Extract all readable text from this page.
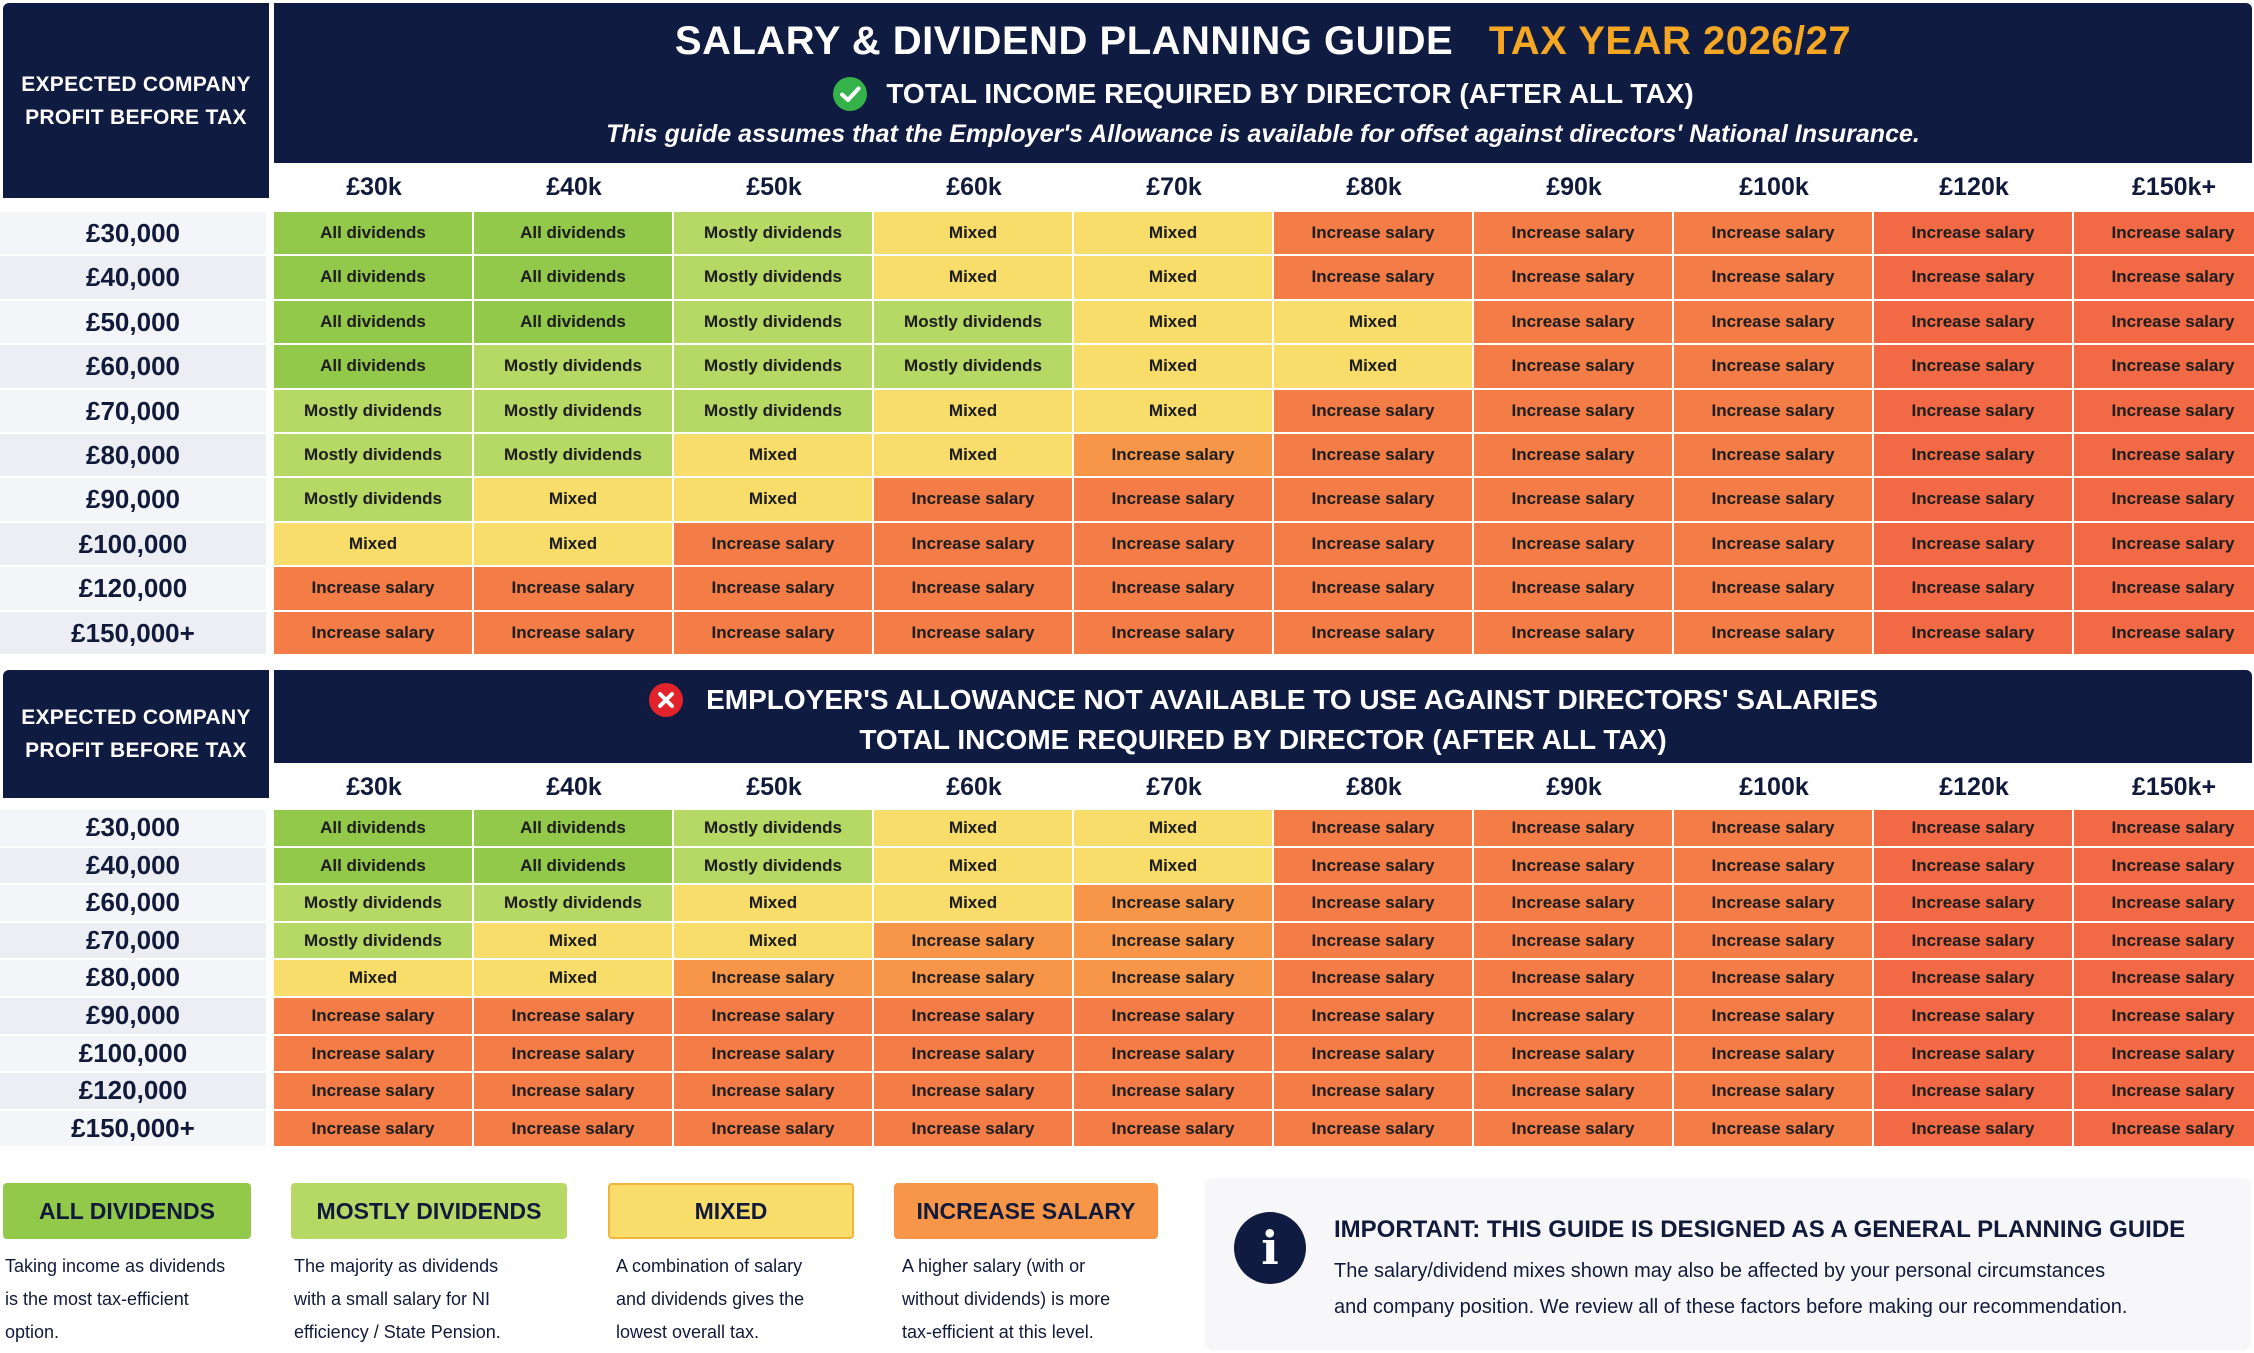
EXPECTED COMPANY
PROFIT BEFORE TAX
SALARY & DIVIDEND PLANNING GUIDE TAX YEAR 2026/27
TOTAL INCOME REQUIRED BY DIRECTOR (AFTER ALL TAX)
This guide assumes that the Employer's Allowance is available for offset against directors' National Insurance.
£30k	£40k	£50k	£60k	£70k	£80k	£90k	£100k	£120k	£150k+
£30,000	All dividends	All dividends	Mostly dividends	Mixed	Mixed	Increase salary	Increase salary	Increase salary	Increase salary	Increase salary
£40,000	All dividends	All dividends	Mostly dividends	Mixed	Mixed	Increase salary	Increase salary	Increase salary	Increase salary	Increase salary
£50,000	All dividends	All dividends	Mostly dividends	Mostly dividends	Mixed	Mixed	Increase salary	Increase salary	Increase salary	Increase salary
£60,000	All dividends	Mostly dividends	Mostly dividends	Mostly dividends	Mixed	Mixed	Increase salary	Increase salary	Increase salary	Increase salary
£70,000	Mostly dividends	Mostly dividends	Mostly dividends	Mixed	Mixed	Increase salary	Increase salary	Increase salary	Increase salary	Increase salary
£80,000	Mostly dividends	Mostly dividends	Mixed	Mixed	Increase salary	Increase salary	Increase salary	Increase salary	Increase salary	Increase salary
£90,000	Mostly dividends	Mixed	Mixed	Increase salary	Increase salary	Increase salary	Increase salary	Increase salary	Increase salary	Increase salary
£100,000	Mixed	Mixed	Increase salary	Increase salary	Increase salary	Increase salary	Increase salary	Increase salary	Increase salary	Increase salary
£120,000	Increase salary	Increase salary	Increase salary	Increase salary	Increase salary	Increase salary	Increase salary	Increase salary	Increase salary	Increase salary
£150,000+	Increase salary	Increase salary	Increase salary	Increase salary	Increase salary	Increase salary	Increase salary	Increase salary	Increase salary	Increase salary
EXPECTED COMPANY
PROFIT BEFORE TAX
EMPLOYER'S ALLOWANCE NOT AVAILABLE TO USE AGAINST DIRECTORS' SALARIES
TOTAL INCOME REQUIRED BY DIRECTOR (AFTER ALL TAX)
£30k	£40k	£50k	£60k	£70k	£80k	£90k	£100k	£120k	£150k+
£30,000	All dividends	All dividends	Mostly dividends	Mixed	Mixed	Increase salary	Increase salary	Increase salary	Increase salary	Increase salary
£40,000	All dividends	All dividends	Mostly dividends	Mixed	Mixed	Increase salary	Increase salary	Increase salary	Increase salary	Increase salary
£60,000	Mostly dividends	Mostly dividends	Mixed	Mixed	Increase salary	Increase salary	Increase salary	Increase salary	Increase salary	Increase salary
£70,000	Mostly dividends	Mixed	Mixed	Increase salary	Increase salary	Increase salary	Increase salary	Increase salary	Increase salary	Increase salary
£80,000	Mixed	Mixed	Increase salary	Increase salary	Increase salary	Increase salary	Increase salary	Increase salary	Increase salary	Increase salary
£90,000	Increase salary	Increase salary	Increase salary	Increase salary	Increase salary	Increase salary	Increase salary	Increase salary	Increase salary	Increase salary
£100,000	Increase salary	Increase salary	Increase salary	Increase salary	Increase salary	Increase salary	Increase salary	Increase salary	Increase salary	Increase salary
£120,000	Increase salary	Increase salary	Increase salary	Increase salary	Increase salary	Increase salary	Increase salary	Increase salary	Increase salary	Increase salary
£150,000+	Increase salary	Increase salary	Increase salary	Increase salary	Increase salary	Increase salary	Increase salary	Increase salary	Increase salary	Increase salary
ALL DIVIDENDS
Taking income as dividends
is the most tax-efficient
option.
MOSTLY DIVIDENDS
The majority as dividends
with a small salary for NI
efficiency / State Pension.
MIXED
A combination of salary
and dividends gives the
lowest overall tax.
INCREASE SALARY
A higher salary (with or
without dividends) is more
tax-efficient at this level.
i IMPORTANT: THIS GUIDE IS DESIGNED AS A GENERAL PLANNING GUIDE
The salary/dividend mixes shown may also be affected by your personal circumstances
and company position. We review all of these factors before making our recommendation.
